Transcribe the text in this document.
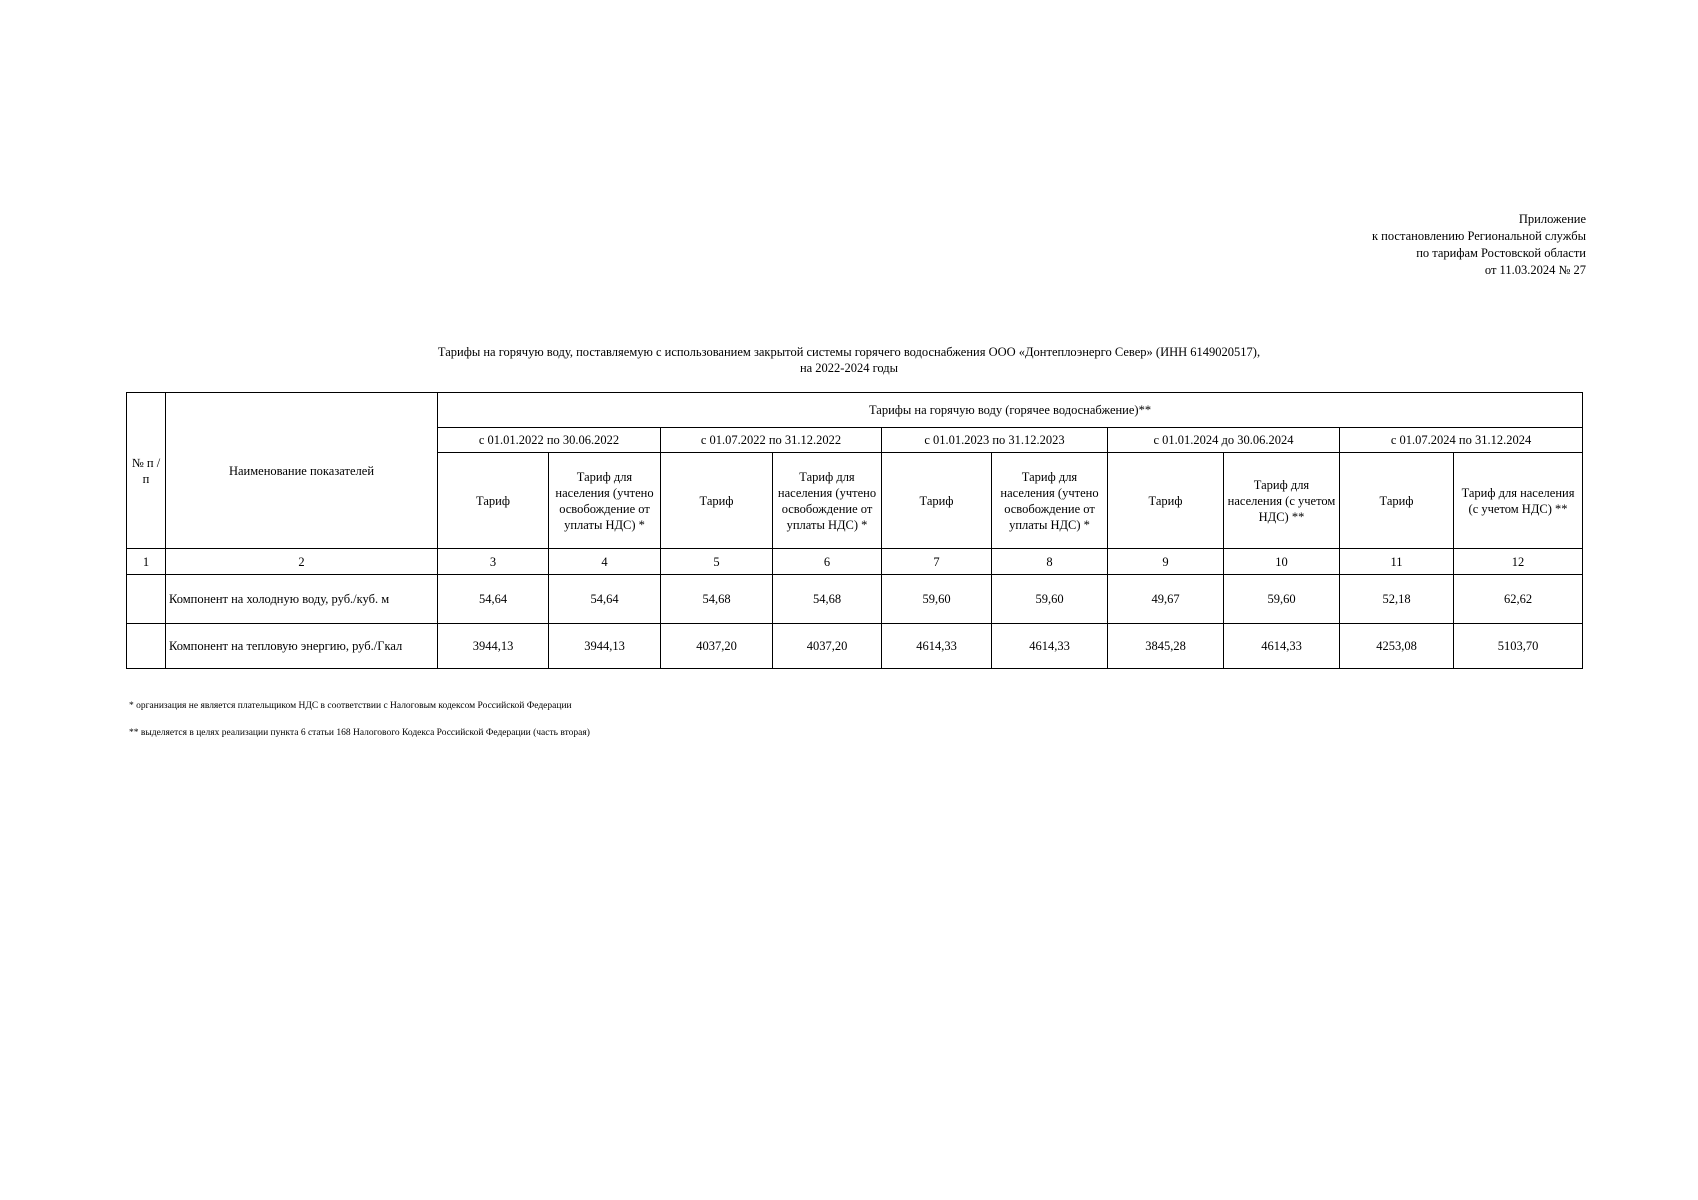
Приложение
к постановлению Региональной службы
по тарифам Ростовской области
от 11.03.2024 № 27
Тарифы на горячую воду, поставляемую с использованием закрытой системы горячего водоснабжения ООО «Донтеплоэнерго Север» (ИНН 6149020517),
на 2022-2024 годы
№ п /п	Наименование показателей	Тарифы на горячую воду (горячее водоснабжение)**									
		с 01.01.2022 по 30.06.2022		с 01.07.2022 по 31.12.2022		с 01.01.2023 по 31.12.2023		с 01.01.2024 до 30.06.2024		с 01.07.2024 по 31.12.2024	
		Тариф	Тариф для населения (учтено освобождение от уплаты НДС) *	Тариф	Тариф для населения (учтено освобождение от уплаты НДС) *	Тариф	Тариф для населения (учтено освобождение от уплаты НДС) *	Тариф	Тариф для населения (с учетом НДС) **	Тариф	Тариф для населения (с учетом НДС) **
1	2	3	4	5	6	7	8	9	10	11	12
	Компонент на холодную воду, руб./куб. м	54,64	54,64	54,68	54,68	59,60	59,60	49,67	59,60	52,18	62,62
	Компонент на тепловую энергию, руб./Гкал	3944,13	3944,13	4037,20	4037,20	4614,33	4614,33	3845,28	4614,33	4253,08	5103,70
* организация не является плательщиком НДС в соответствии с Налоговым кодексом Российской Федерации
** выделяется в целях реализации пункта 6 статьи 168 Налогового Кодекса Российской Федерации (часть вторая)
